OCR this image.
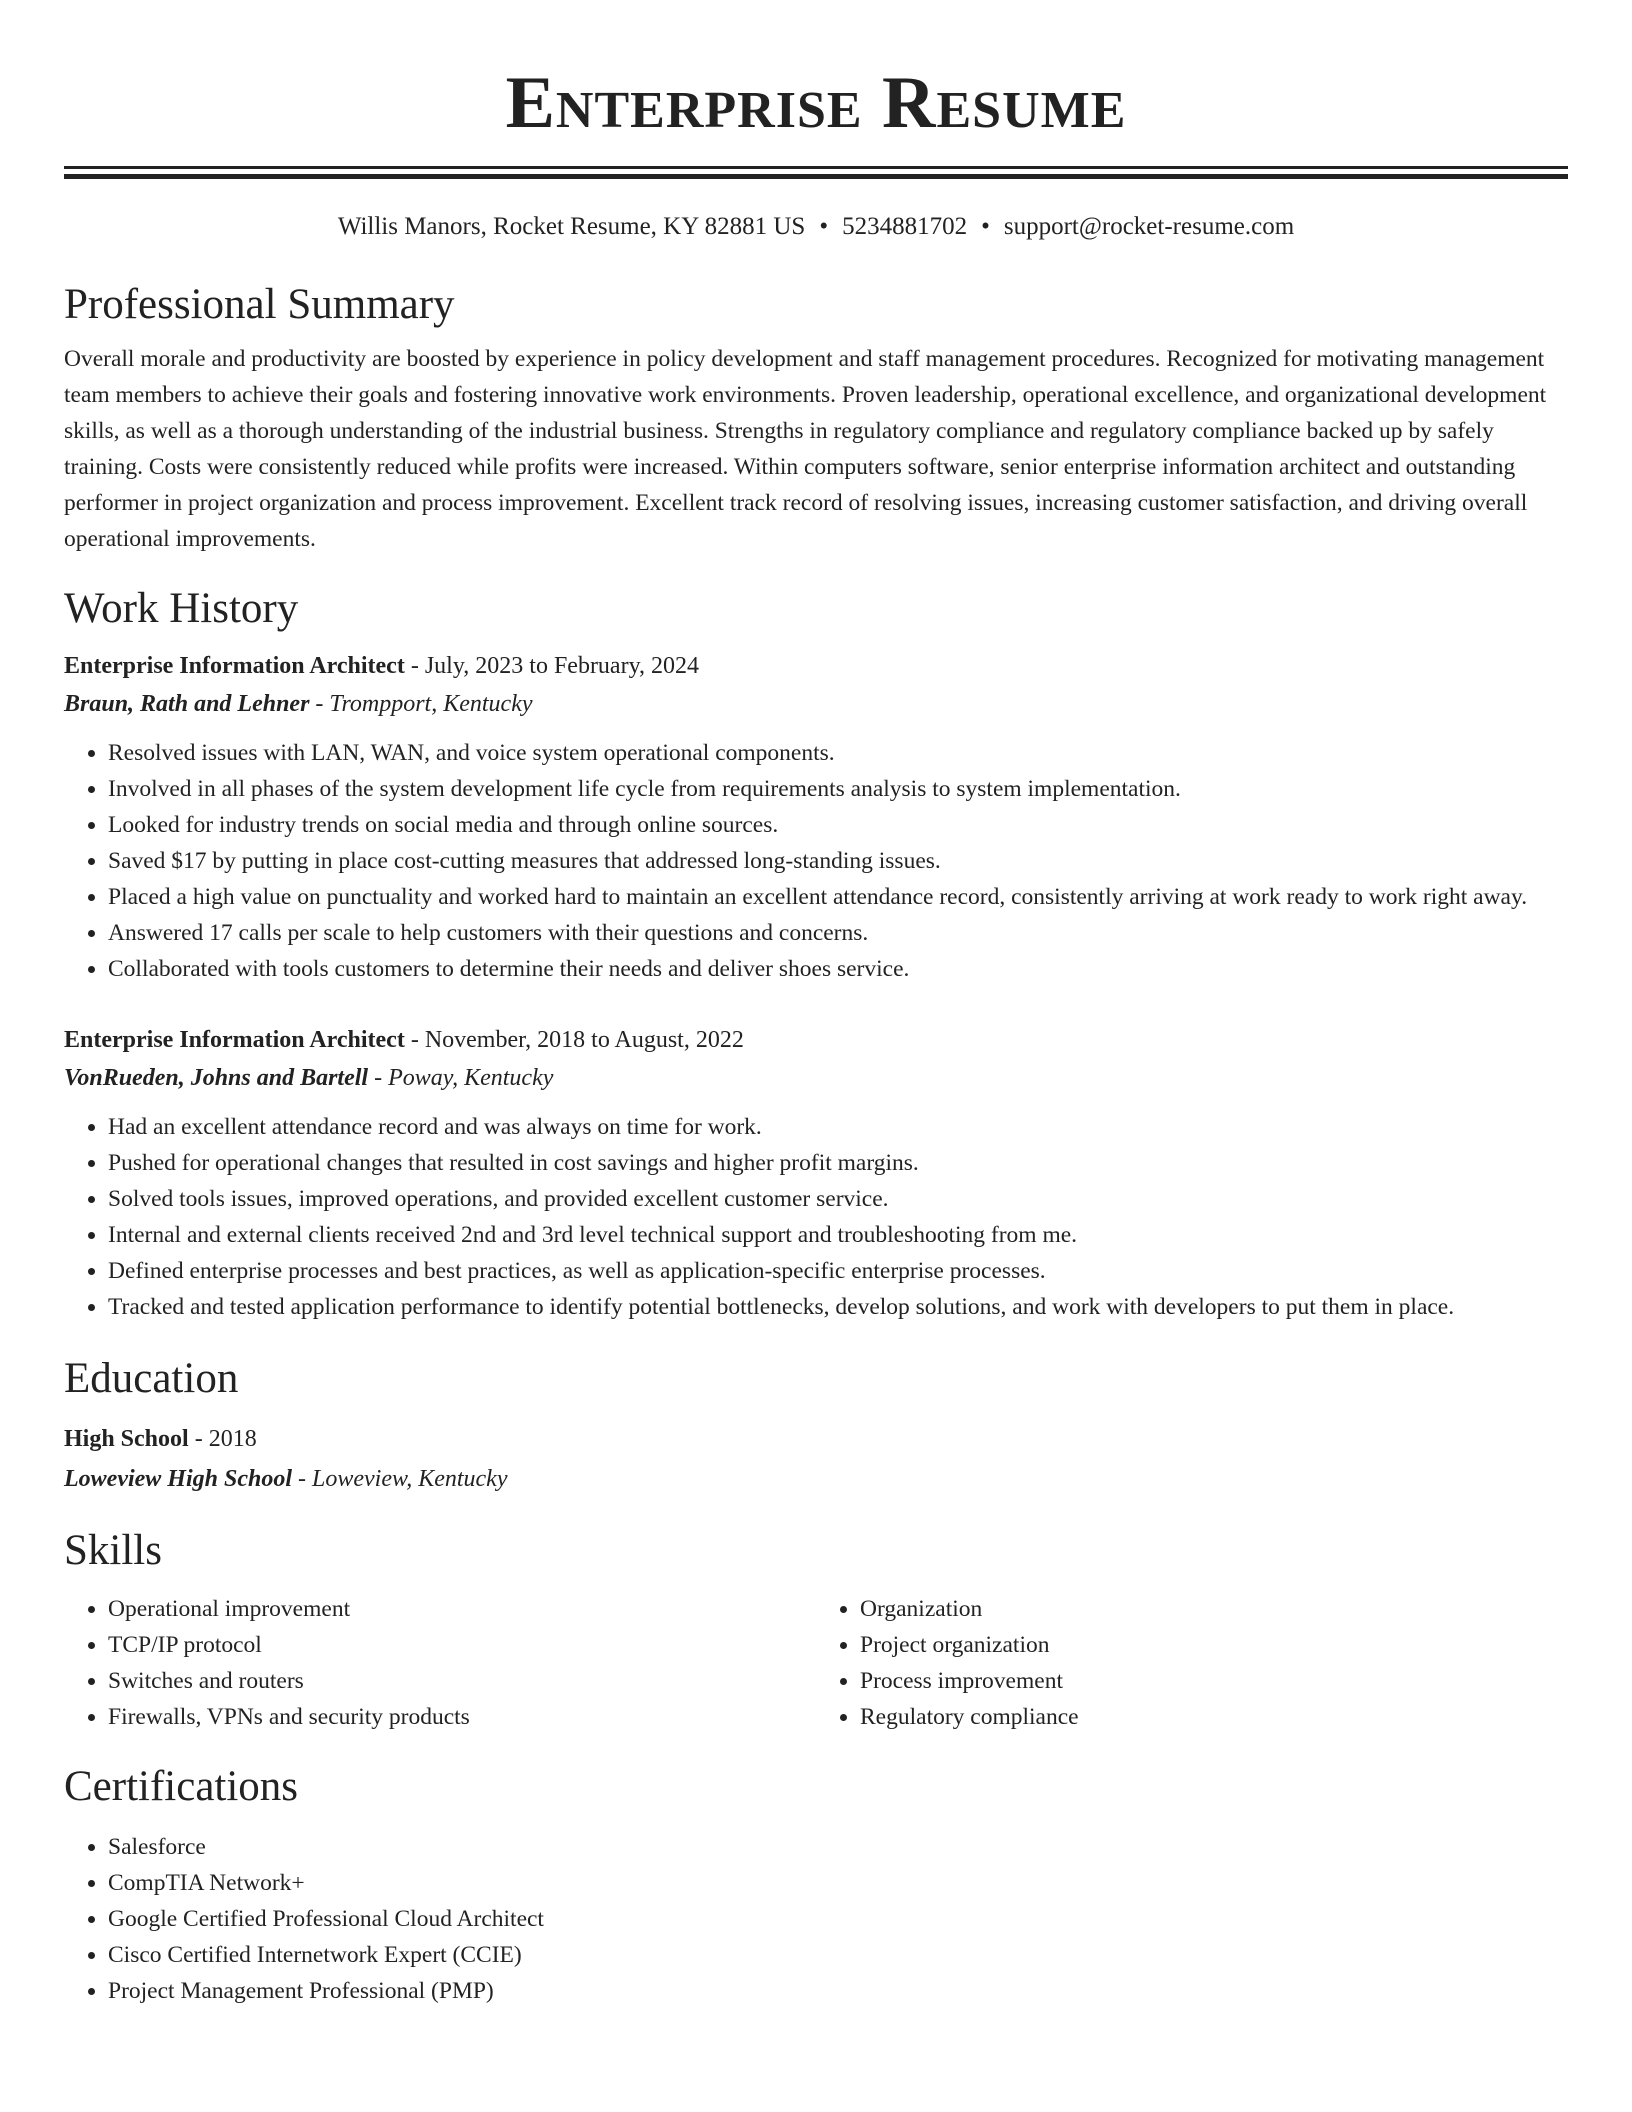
Enterprise Resume
Willis Manors, Rocket Resume, KY 82881 US • 5234881702 • support@rocket-resume.com
Professional Summary

Overall morale and productivity are boosted by experience in policy development and staff management procedures. Recognized for motivating management team members to achieve their goals and fostering innovative work environments. Proven leadership, operational excellence, and organizational development skills, as well as a thorough understanding of the industrial business. Strengths in regulatory compliance and regulatory compliance backed up by safely training. Costs were consistently reduced while profits were increased. Within computers software, senior enterprise information architect and outstanding performer in project organization and process improvement. Excellent track record of resolving issues, increasing customer satisfaction, and driving overall operational improvements.

Work History
Enterprise Information Architect - July, 2023 to February, 2024
Braun, Rath and Lehner - Trompport, Kentucky
• Resolved issues with LAN, WAN, and voice system operational components.
• Involved in all phases of the system development life cycle from requirements analysis to system implementation.
• Looked for industry trends on social media and through online sources.
• Saved $17 by putting in place cost-cutting measures that addressed long-standing issues.
• Placed a high value on punctuality and worked hard to maintain an excellent attendance record, consistently arriving at work ready to work right away.
• Answered 17 calls per scale to help customers with their questions and concerns.
• Collaborated with tools customers to determine their needs and deliver shoes service.
Enterprise Information Architect - November, 2018 to August, 2022
VonRueden, Johns and Bartell - Poway, Kentucky
• Had an excellent attendance record and was always on time for work.
• Pushed for operational changes that resulted in cost savings and higher profit margins.
• Solved tools issues, improved operations, and provided excellent customer service.
• Internal and external clients received 2nd and 3rd level technical support and troubleshooting from me.
• Defined enterprise processes and best practices, as well as application-specific enterprise processes.
• Tracked and tested application performance to identify potential bottlenecks, develop solutions, and work with developers to put them in place.
Education
High School - 2018
Loweview High School - Loweview, Kentucky
Skills
• Operational improvement
• TCP/IP protocol
• Switches and routers
• Firewalls, VPNs and security products
• Organization
• Project organization
• Process improvement
• Regulatory compliance
Certifications
• Salesforce
• CompTIA Network+
• Google Certified Professional Cloud Architect
• Cisco Certified Internetwork Expert (CCIE)
• Project Management Professional (PMP)
